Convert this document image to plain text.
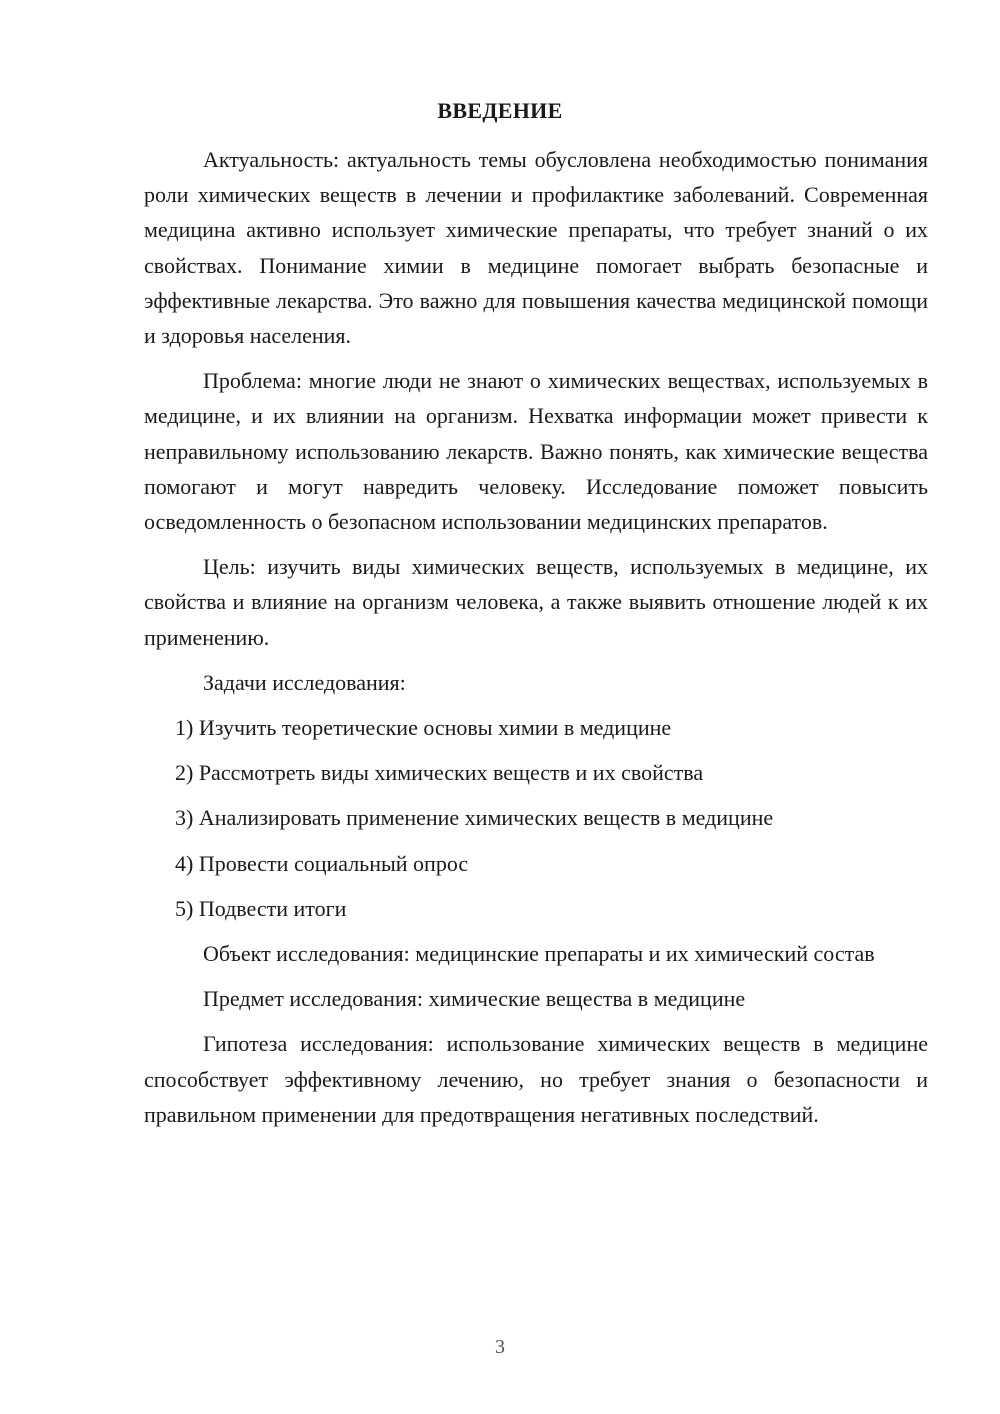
ВВЕДЕНИЕ

Актуальность: актуальность темы обусловлена необходимостью понимания роли химических веществ в лечении и профилактике заболеваний. Современная медицина активно использует химические препараты, что требует знаний о их свойствах. Понимание химии в медицине помогает выбрать безопасные и эффективные лекарства. Это важно для повышения качества медицинской помощи и здоровья населения.

Проблема: многие люди не знают о химических веществах, используемых в медицине, и их влиянии на организм. Нехватка информации может привести к неправильному использованию лекарств. Важно понять, как химические вещества помогают и могут навредить человеку. Исследование поможет повысить осведомленность о безопасном использовании медицинских препаратов.

Цель: изучить виды химических веществ, используемых в медицине, их свойства и влияние на организм человека, а также выявить отношение людей к их применению.

Задачи исследования:

1) Изучить теоретические основы химии в медицине

2) Рассмотреть виды химических веществ и их свойства

3) Анализировать применение химических веществ в медицине

4) Провести социальный опрос

5) Подвести итоги

Объект исследования: медицинские препараты и их химический состав

Предмет исследования: химические вещества в медицине

Гипотеза исследования: использование химических веществ в медицине способствует эффективному лечению, но требует знания о безопасности и правильном применении для предотвращения негативных последствий.

3
